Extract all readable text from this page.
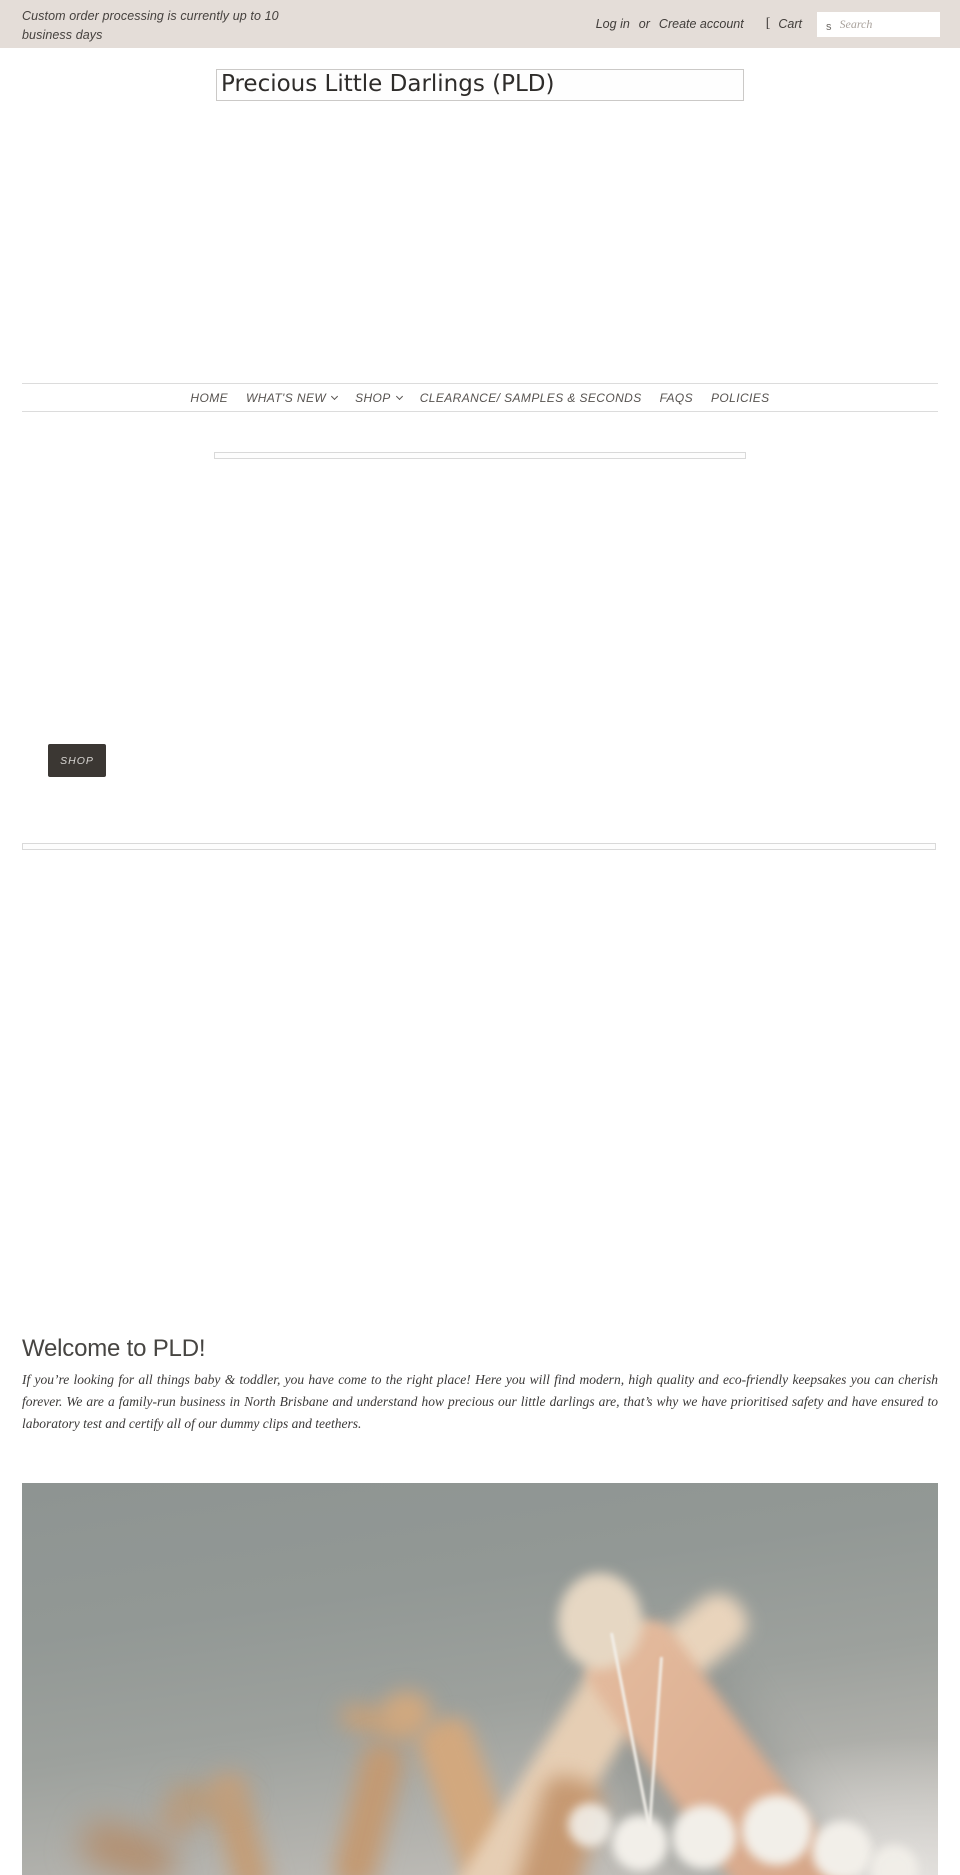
Custom order processing is currently up to 10 business days

Log in or Create account [ Cart s
Search
Precious Little Darlings (PLD)
HOME WHAT'S NEW SHOP CLEARANCE/ SAMPLES & SECONDS FAQS POLICIES
SHOP
Welcome to PLD!

If you’re looking for all things baby & toddler, you have come to the right place! Here you will find modern, high quality and eco-friendly keepsakes you can cherish forever. We are a family-run business in North Brisbane and understand how precious our little darlings are, that’s why we have prioritised safety and have ensured to laboratory test and certify all of our dummy clips and teethers.
